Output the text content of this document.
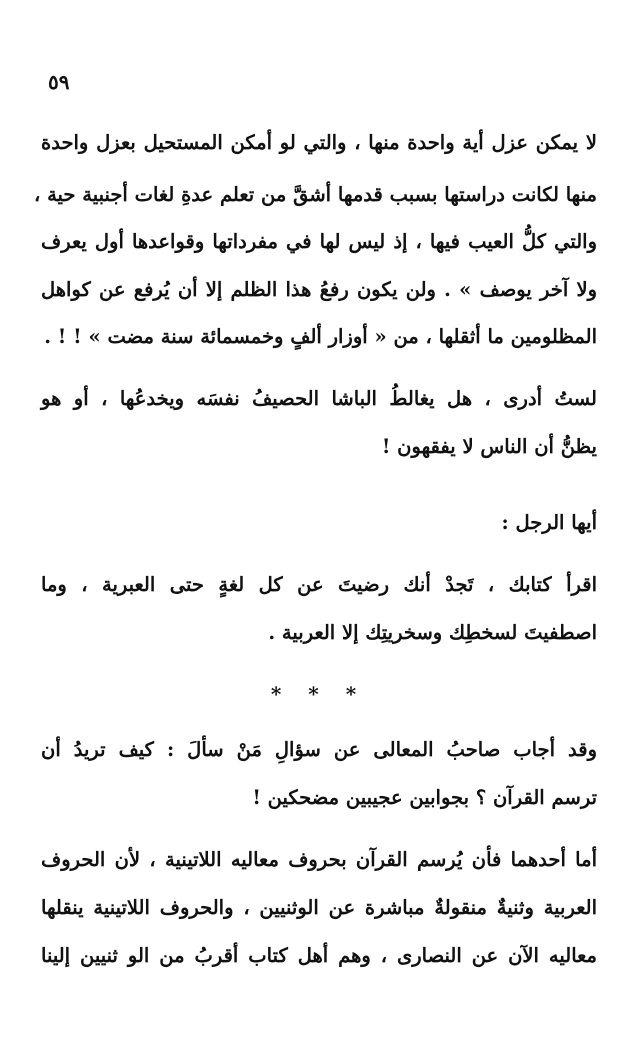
٥٩
لا يمكن عزل أية واحدة منها ، والتي لو أمكن المستحيل بعزل واحدة
منها لكانت دراستها بسبب قدمها أشقَّ من تعلم عدةِ لغات أجنبية حية ،
والتي كلُّ العيب فيها ، إذ ليس لها في مفرداتها وقواعدها أول يعرف
ولا آخر يوصف » . ولن يكون رفعُ هذا الظلم إلا أن يُرفع عن كواهل
المظلومين ما أثقلها ، من « أوزار ألفٍ وخمسمائة سنة مضت » ! ! .
لستُ أدرى ، هل يغالطُ الباشا الحصيفُ نفسَه ويخدعُها ، أو هو
يظنُّ أن الناس لا يفقهون !
أيها الرجل :
اقرأ كتابك ، تَجدْ أنك رضيتَ عن كل لغةٍ حتى العبرية ، وما
اصطفيتَ لسخطِك وسخريتِك إلا العربية .
* * *
وقد أجاب صاحبُ المعالى عن سؤالِ مَنْ سألَ : كيف تريدُ أن
ترسم القرآن ؟ بجوابين عجيبين مضحكين !
أما أحدهما فأن يُرسم القرآن بحروف معاليه اللاتينية ، لأن الحروف
العربية وثنيةٌ منقولةٌ مباشرة عن الوثنيين ، والحروف اللاتينية ينقلها
معاليه الآن عن النصارى ، وهم أهل كتاب أقربُ من الو ثنيين إلينا
